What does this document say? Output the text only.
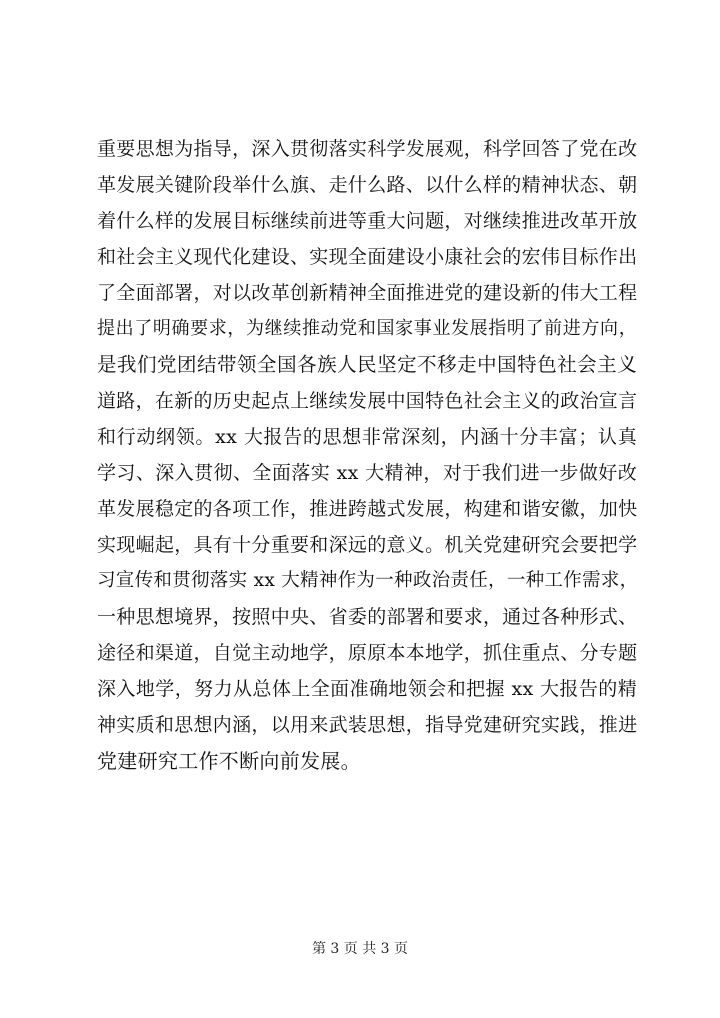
重要思想为指导，深入贯彻落实科学发展观，科学回答了党在改
革发展关键阶段举什么旗、走什么路、以什么样的精神状态、朝
着什么样的发展目标继续前进等重大问题，对继续推进改革开放
和社会主义现代化建设、实现全面建设小康社会的宏伟目标作出
了全面部署，对以改革创新精神全面推进党的建设新的伟大工程
提出了明确要求，为继续推动党和国家事业发展指明了前进方向，
是我们党团结带领全国各族人民坚定不移走中国特色社会主义
道路，在新的历史起点上继续发展中国特色社会主义的政治宣言
和行动纲领。xx 大报告的思想非常深刻，内涵十分丰富；认真
学习、深入贯彻、全面落实 xx 大精神，对于我们进一步做好改
革发展稳定的各项工作，推进跨越式发展，构建和谐安徽，加快
实现崛起，具有十分重要和深远的意义。机关党建研究会要把学
习宣传和贯彻落实 xx 大精神作为一种政治责任，一种工作需求，
一种思想境界，按照中央、省委的部署和要求，通过各种形式、
途径和渠道，自觉主动地学，原原本本地学，抓住重点、分专题
深入地学，努力从总体上全面准确地领会和把握 xx 大报告的精
神实质和思想内涵，以用来武装思想，指导党建研究实践，推进
党建研究工作不断向前发展。
第 3 页 共 3 页
